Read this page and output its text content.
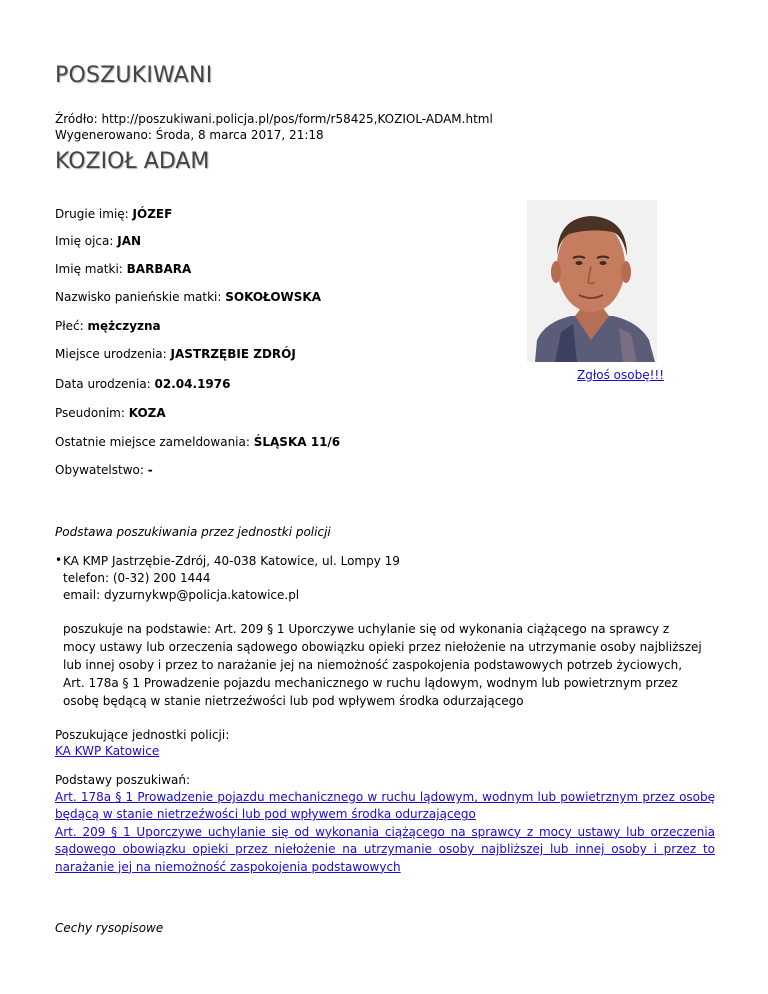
POSZUKIWANI
Źródło: http://poszukiwani.policja.pl/pos/form/r58425,KOZIOL-ADAM.html
Wygenerowano: Środa, 8 marca 2017, 21:18
KOZIOŁ ADAM
Drugie imię: JÓZEF
Imię ojca: JAN
Imię matki: BARBARA
Nazwisko panieńskie matki: SOKOŁOWSKA
Płeć: mężczyzna
Miejsce urodzenia: JASTRZĘBIE ZDRÓJ
Data urodzenia: 02.04.1976
Pseudonim: KOZA
Ostatnie miejsce zameldowania: ŚLĄSKA 11/6
Obywatelstwo: -
Zgłoś osobę!!!
Podstawa poszukiwania przez jednostki policji
• KA KMP Jastrzębie-Zdrój, 40-038 Katowice, ul. Lompy 19
telefon: (0-32) 200 1444
email: dyzurnykwp@policja.katowice.pl
poszukuje na podstawie: Art. 209 § 1 Uporczywe uchylanie się od wykonania ciążącego na sprawcy z mocy ustawy lub orzeczenia sądowego obowiązku opieki przez niełożenie na utrzymanie osoby najbliższej lub innej osoby i przez to narażanie jej na niemożność zaspokojenia podstawowych potrzeb życiowych, Art. 178a § 1 Prowadzenie pojazdu mechanicznego w ruchu lądowym, wodnym lub powietrznym przez osobę będącą w stanie nietrzeźwości lub pod wpływem środka odurzającego
Poszukujące jednostki policji:
KA KWP Katowice
Podstawy poszukiwań:
Art. 178a § 1 Prowadzenie pojazdu mechanicznego w ruchu lądowym, wodnym lub powietrznym przez osobę będącą w stanie nietrzeźwości lub pod wpływem środka odurzającego
Art. 209 § 1 Uporczywe uchylanie się od wykonania ciążącego na sprawcy z mocy ustawy lub orzeczenia sądowego obowiązku opieki przez niełożenie na utrzymanie osoby najbliższej lub innej osoby i przez to narażanie jej na niemożność zaspokojenia podstawowych
Cechy rysopisowe
